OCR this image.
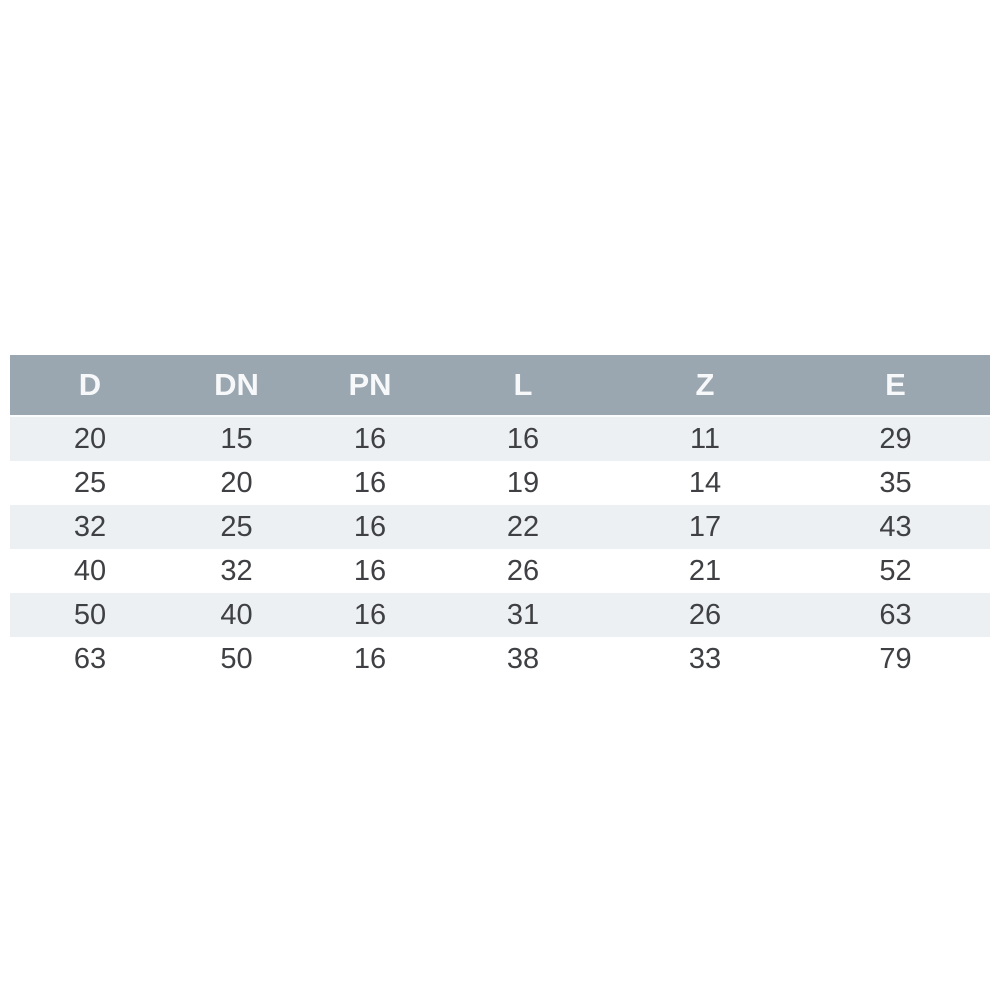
D	DN	PN	L	Z	E
20	15	16	16	11	29
25	20	16	19	14	35
32	25	16	22	17	43
40	32	16	26	21	52
50	40	16	31	26	63
63	50	16	38	33	79
